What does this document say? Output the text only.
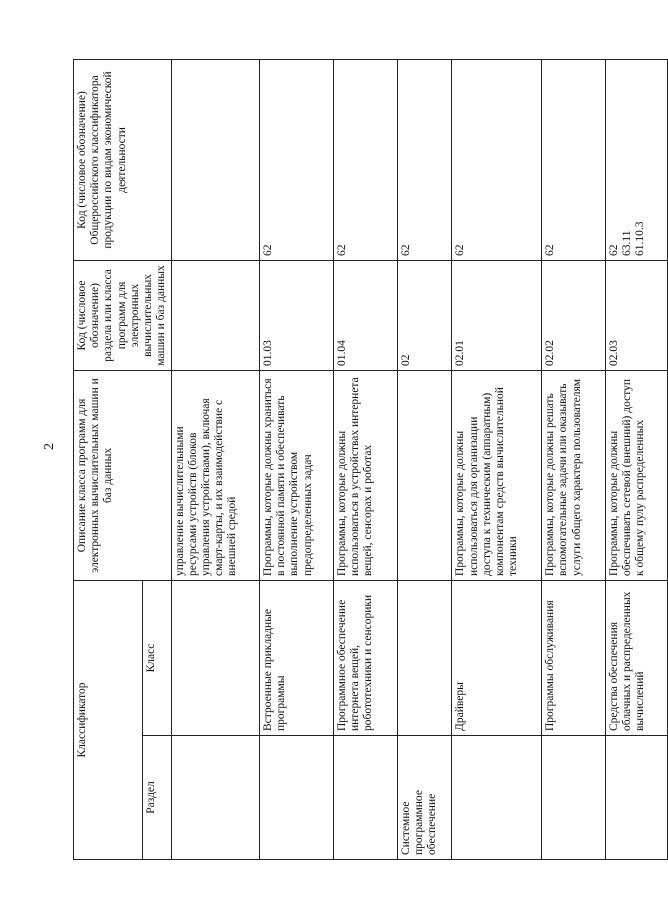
2
Классификатор		Описание класса программ для электронных вычислительных машин и баз данных	Код (числовое обозначение) раздела или класса программ для электронных вычислительных машин и баз данных	Код (числовое обозначение) Общероссийского классификатора продукции по видам экономической деятельности
Раздел	Класс			
		управление вычислительными ресурсами устройств (блоков управления устройствами), включая смарт-карты, и их взаимодействие с внешней средой		
	Встроенные прикладные программы	Программы, которые должны храниться в постоянной памяти и обеспечивать выполнение устройством предопределенных задач	01.03	62

	Программное обеспечение интернета вещей, робототехники и сенсорики	Программы, которые должны использоваться в устройствах интернета вещей, сенсорах и роботах	01.04	62

Системное программное обеспечение			02	62

	Драйверы	Программы, которые должны использоваться для организации доступа к техническим (аппаратным) компонентам средств вычислительной техники	02.01	62

	Программы обслуживания	Программы, которые должны решать вспомогательные задачи или оказывать услуги общего характера пользователям	02.02	62

	Средства обеспечения облачных и распределенных вычислений	Программы, которые должны обеспечивать сетевой (внешний) доступ к общему пулу распределенных	02.03	62 63.11 61.10.3
